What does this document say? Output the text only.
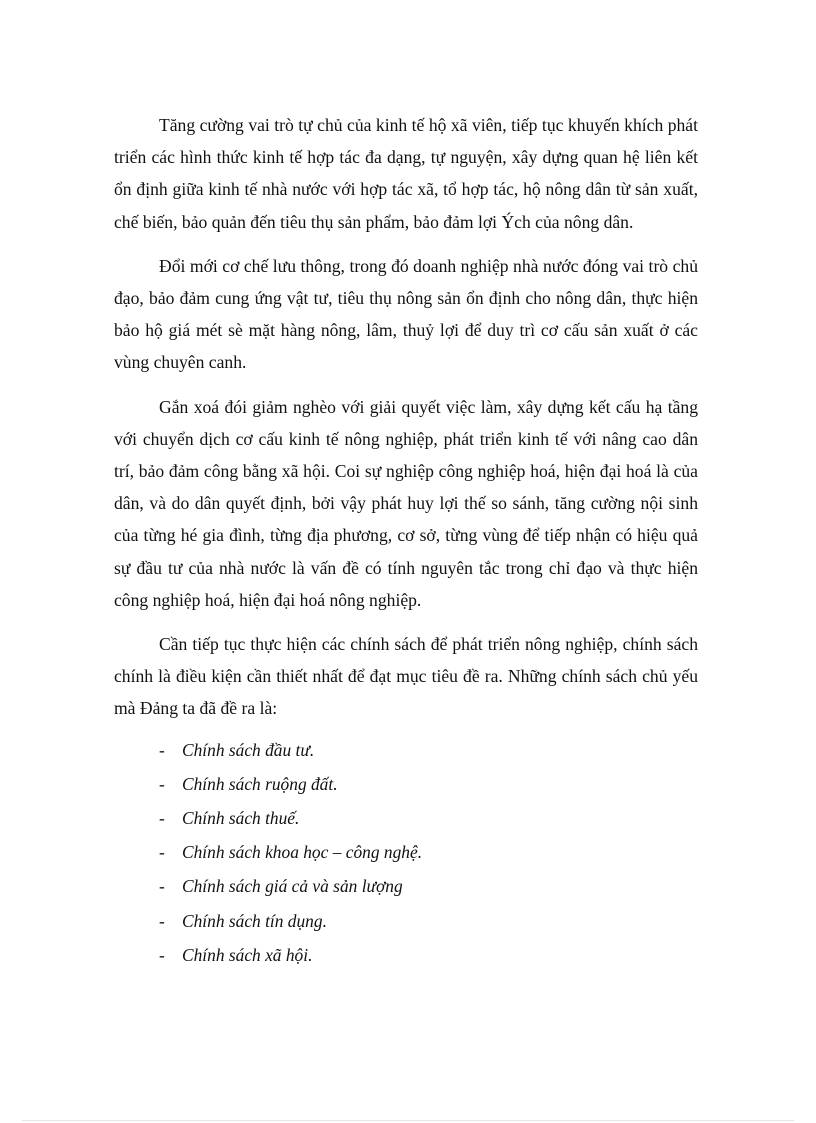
Tăng cường vai trò tự chủ của kinh tế hộ xã viên, tiếp tục khuyến khích phát triển các hình thức kinh tế hợp tác đa dạng, tự nguyện, xây dựng quan hệ liên kết ổn định giữa kinh tế nhà nước với hợp tác xã, tổ hợp tác, hộ nông dân từ sản xuất, chế biến, bảo quản đến tiêu thụ sản phẩm, bảo đảm lợi Ých của nông dân.

Đổi mới cơ chế lưu thông, trong đó doanh nghiệp nhà nước đóng vai trò chủ đạo, bảo đảm cung ứng vật tư, tiêu thụ nông sản ổn định cho nông dân, thực hiện bảo hộ giá mét sè mặt hàng nông, lâm, thuỷ lợi để duy trì cơ cấu sản xuất ở các vùng chuyên canh.

Gắn xoá đói giảm nghèo với giải quyết việc làm, xây dựng kết cấu hạ tầng với chuyển dịch cơ cấu kinh tế nông nghiệp, phát triển kinh tế với nâng cao dân trí, bảo đảm công bằng xã hội. Coi sự nghiệp công nghiệp hoá, hiện đại hoá là của dân, và do dân quyết định, bởi vậy phát huy lợi thế so sánh, tăng cường nội sinh của từng hé gia đình, từng địa phương, cơ sở, từng vùng để tiếp nhận có hiệu quả sự đầu tư của nhà nước là vấn đề có tính nguyên tắc trong chỉ đạo và thực hiện công nghiệp hoá, hiện đại hoá nông nghiệp.

Cần tiếp tục thực hiện các chính sách để phát triển nông nghiệp, chính sách chính là điều kiện cần thiết nhất để đạt mục tiêu đề ra. Những chính sách chủ yếu mà Đảng ta đã đề ra là:

- Chính sách đầu tư.
- Chính sách ruộng đất.
- Chính sách thuế.
- Chính sách khoa học – công nghệ.
- Chính sách giá cả và sản lượng
- Chính sách tín dụng.
- Chính sách xã hội.
